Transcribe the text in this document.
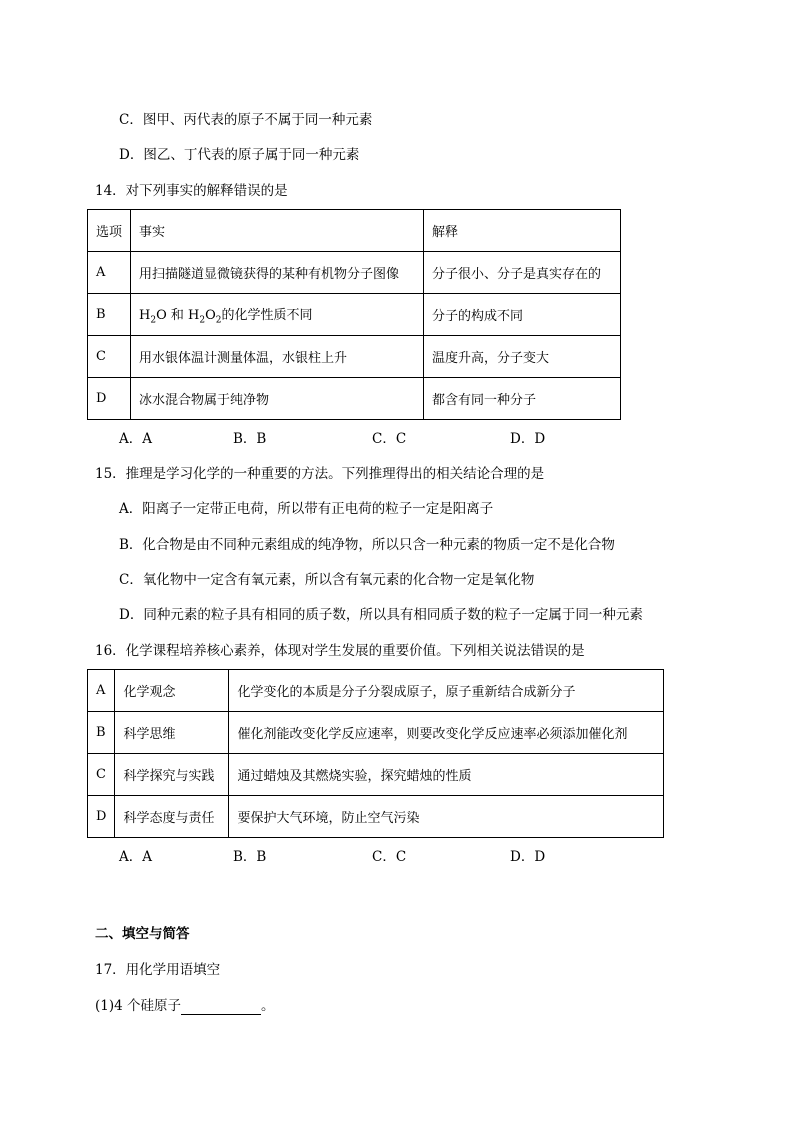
C．图甲、丙代表的原子不属于同一种元素
D．图乙、丁代表的原子属于同一种元素
14．对下列事实的解释错误的是
选项	事实	解释
A	用扫描隧道显微镜获得的某种有机物分子图像	分子很小、分子是真实存在的
B	$H_2O$ 和 $H_2O_2$的化学性质不同	分子的构成不同
C	用水银体温计测量体温，水银柱上升	温度升高，分子变大
D	冰水混合物属于纯净物	都含有同一种分子
A．A	B．B	C．C	D．D
15．推理是学习化学的一种重要的方法。下列推理得出的相关结论合理的是
A．阳离子一定带正电荷，所以带有正电荷的粒子一定是阳离子
B．化合物是由不同种元素组成的纯净物，所以只含一种元素的物质一定不是化合物
C．氧化物中一定含有氧元素，所以含有氧元素的化合物一定是氧化物
D．同种元素的粒子具有相同的质子数，所以具有相同质子数的粒子一定属于同一种元素
16．化学课程培养核心素养，体现对学生发展的重要价值。下列相关说法错误的是
A	化学观念	化学变化的本质是分子分裂成原子，原子重新结合成新分子
B	科学思维	催化剂能改变化学反应速率，则要改变化学反应速率必须添加催化剂
C	科学探究与实践	通过蜡烛及其燃烧实验，探究蜡烛的性质
D	科学态度与责任	要保护大气环境，防止空气污染
A．A	B．B	C．C	D．D
二、填空与简答
17．用化学用语填空
(1)4 个硅原子	。
